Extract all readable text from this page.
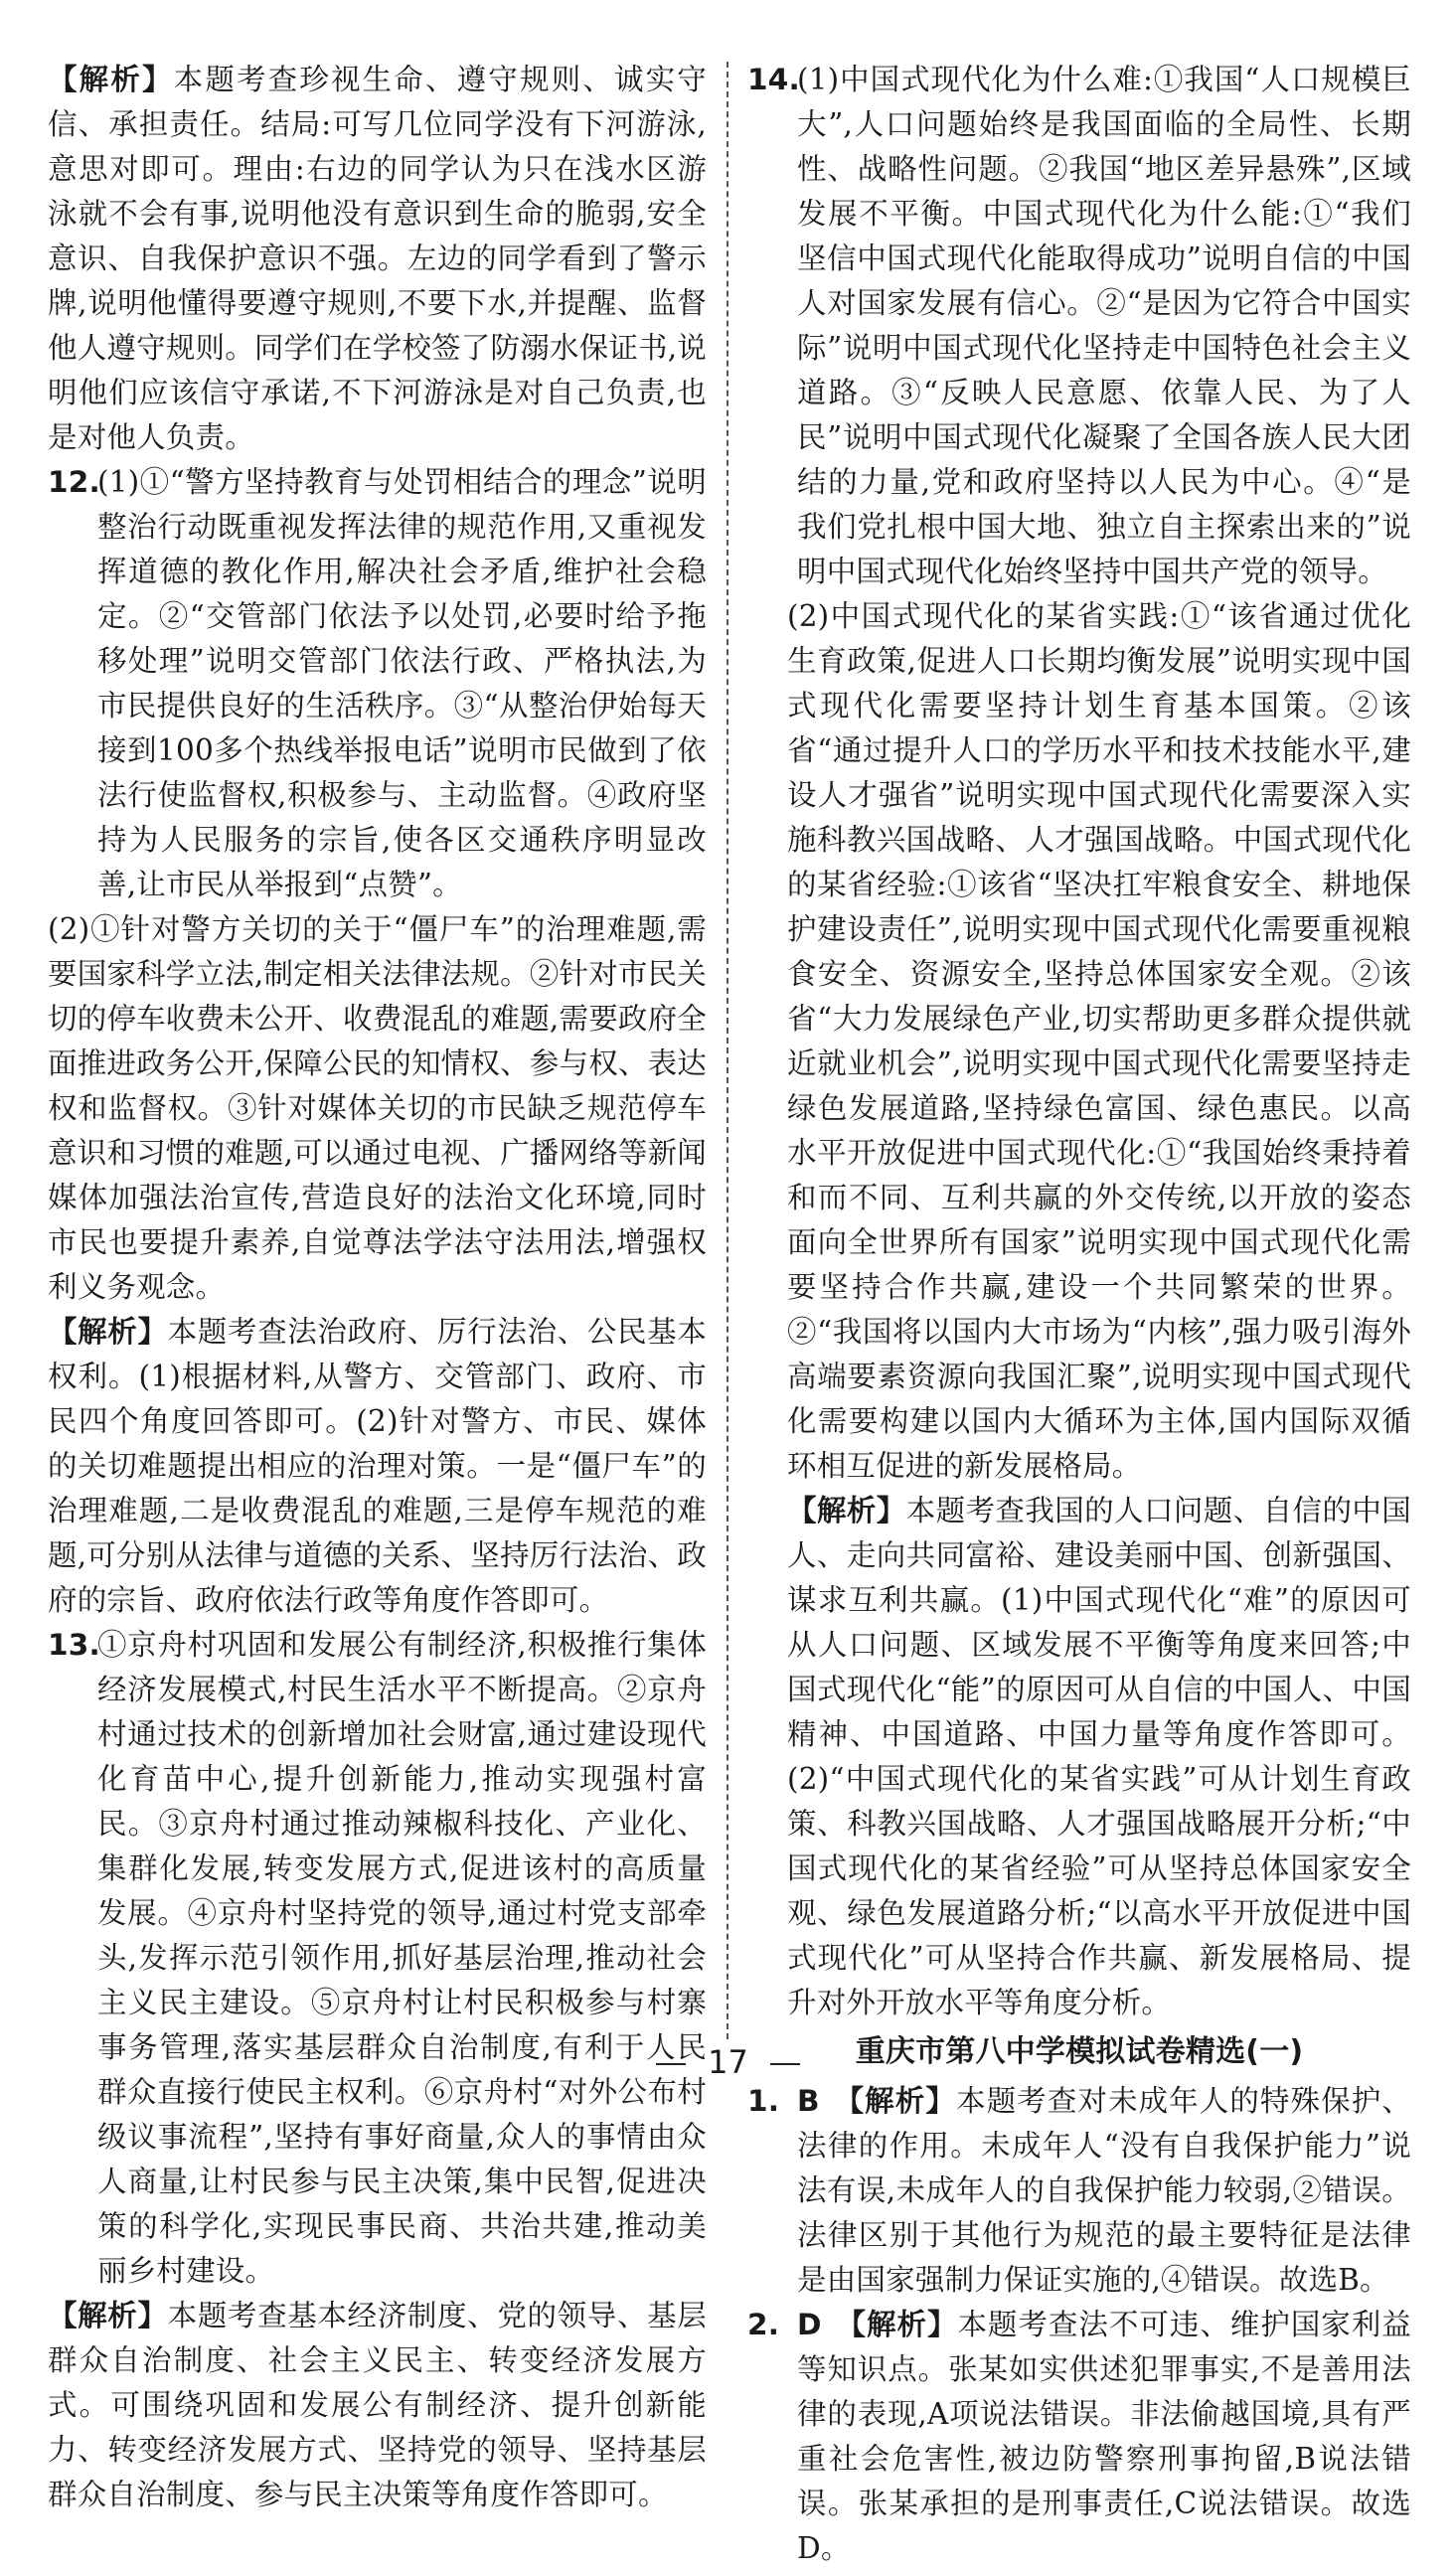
【解析】本题考查珍视生命、遵守规则、诚实守信、承担责任。结局:可写几位同学没有下河游泳,意思对即可。理由:右边的同学认为只在浅水区游泳就不会有事,说明他没有意识到生命的脆弱,安全意识、自我保护意识不强。左边的同学看到了警示牌,说明他懂得要遵守规则,不要下水,并提醒、监督他人遵守规则。同学们在学校签了防溺水保证书,说明他们应该信守承诺,不下河游泳是对自己负责,也是对他人负责。

12.
(1)①“警方坚持教育与处罚相结合的理念”说明整治行动既重视发挥法律的规范作用,又重视发挥道德的教化作用,解决社会矛盾,维护社会稳定。②“交管部门依法予以处罚,必要时给予拖移处理”说明交管部门依法行政、严格执法,为市民提供良好的生活秩序。③“从整治伊始每天接到100多个热线举报电话”说明市民做到了依法行使监督权,积极参与、主动监督。④政府坚持为人民服务的宗旨,使各区交通秩序明显改善,让市民从举报到“点赞”。

(2)①针对警方关切的关于“僵尸车”的治理难题,需要国家科学立法,制定相关法律法规。②针对市民关切的停车收费未公开、收费混乱的难题,需要政府全面推进政务公开,保障公民的知情权、参与权、表达权和监督权。③针对媒体关切的市民缺乏规范停车意识和习惯的难题,可以通过电视、广播网络等新闻媒体加强法治宣传,营造良好的法治文化环境,同时市民也要提升素养,自觉尊法学法守法用法,增强权利义务观念。

【解析】本题考查法治政府、厉行法治、公民基本权利。(1)根据材料,从警方、交管部门、政府、市民四个角度回答即可。(2)针对警方、市民、媒体的关切难题提出相应的治理对策。一是“僵尸车”的治理难题,二是收费混乱的难题,三是停车规范的难题,可分别从法律与道德的关系、坚持厉行法治、政府的宗旨、政府依法行政等角度作答即可。

13.
①京舟村巩固和发展公有制经济,积极推行集体经济发展模式,村民生活水平不断提高。②京舟村通过技术的创新增加社会财富,通过建设现代化育苗中心,提升创新能力,推动实现强村富民。③京舟村通过推动辣椒科技化、产业化、集群化发展,转变发展方式,促进该村的高质量发展。④京舟村坚持党的领导,通过村党支部牵头,发挥示范引领作用,抓好基层治理,推动社会主义民主建设。⑤京舟村让村民积极参与村寨事务管理,落实基层群众自治制度,有利于人民群众直接行使民主权利。⑥京舟村“对外公布村级议事流程”,坚持有事好商量,众人的事情由众人商量,让村民参与民主决策,集中民智,促进决策的科学化,实现民事民商、共治共建,推动美丽乡村建设。

【解析】本题考查基本经济制度、党的领导、基层群众自治制度、社会主义民主、转变经济发展方式。可围绕巩固和发展公有制经济、提升创新能力、转变经济发展方式、坚持党的领导、坚持基层群众自治制度、参与民主决策等角度作答即可。

14.
(1)中国式现代化为什么难:①我国“人口规模巨大”,人口问题始终是我国面临的全局性、长期性、战略性问题。②我国“地区差异悬殊”,区域发展不平衡。中国式现代化为什么能:①“我们坚信中国式现代化能取得成功”说明自信的中国人对国家发展有信心。②“是因为它符合中国实际”说明中国式现代化坚持走中国特色社会主义道路。③“反映人民意愿、依靠人民、为了人民”说明中国式现代化凝聚了全国各族人民大团结的力量,党和政府坚持以人民为中心。④“是我们党扎根中国大地、独立自主探索出来的”说明中国式现代化始终坚持中国共产党的领导。

(2)中国式现代化的某省实践:①“该省通过优化生育政策,促进人口长期均衡发展”说明实现中国式现代化需要坚持计划生育基本国策。②该省“通过提升人口的学历水平和技术技能水平,建设人才强省”说明实现中国式现代化需要深入实施科教兴国战略、人才强国战略。中国式现代化的某省经验:①该省“坚决扛牢粮食安全、耕地保护建设责任”,说明实现中国式现代化需要重视粮食安全、资源安全,坚持总体国家安全观。②该省“大力发展绿色产业,切实帮助更多群众提供就近就业机会”,说明实现中国式现代化需要坚持走绿色发展道路,坚持绿色富国、绿色惠民。以高水平开放促进中国式现代化:①“我国始终秉持着和而不同、互利共赢的外交传统,以开放的姿态面向全世界所有国家”说明实现中国式现代化需要坚持合作共赢,建设一个共同繁荣的世界。②“我国将以国内大市场为“内核”,强力吸引海外高端要素资源向我国汇聚”,说明实现中国式现代化需要构建以国内大循环为主体,国内国际双循环相互促进的新发展格局。

【解析】本题考查我国的人口问题、自信的中国人、走向共同富裕、建设美丽中国、创新强国、谋求互利共赢。(1)中国式现代化“难”的原因可从人口问题、区域发展不平衡等角度来回答;中国式现代化“能”的原因可从自信的中国人、中国精神、中国道路、中国力量等角度作答即可。(2)“中国式现代化的某省实践”可从计划生育政策、科教兴国战略、人才强国战略展开分析;“中国式现代化的某省经验”可从坚持总体国家安全观、绿色发展道路分析;“以高水平开放促进中国式现代化”可从坚持合作共赢、新发展格局、提升对外开放水平等角度分析。

重庆市第八中学模拟试卷精选(一)
1. B 【解析】本题考查对未成年人的特殊保护、法律的作用。未成年人“没有自我保护能力”说法有误,未成年人的自我保护能力较弱,②错误。法律区别于其他行为规范的最主要特征是法律是由国家强制力保证实施的,④错误。故选B。
2. D 【解析】本题考查法不可违、维护国家利益等知识点。张某如实供述犯罪事实,不是善用法律的表现,A项说法错误。非法偷越国境,具有严重社会危害性,被边防警察刑事拘留,B说法错误。张某承担的是刑事责任,C说法错误。故选D。
17
